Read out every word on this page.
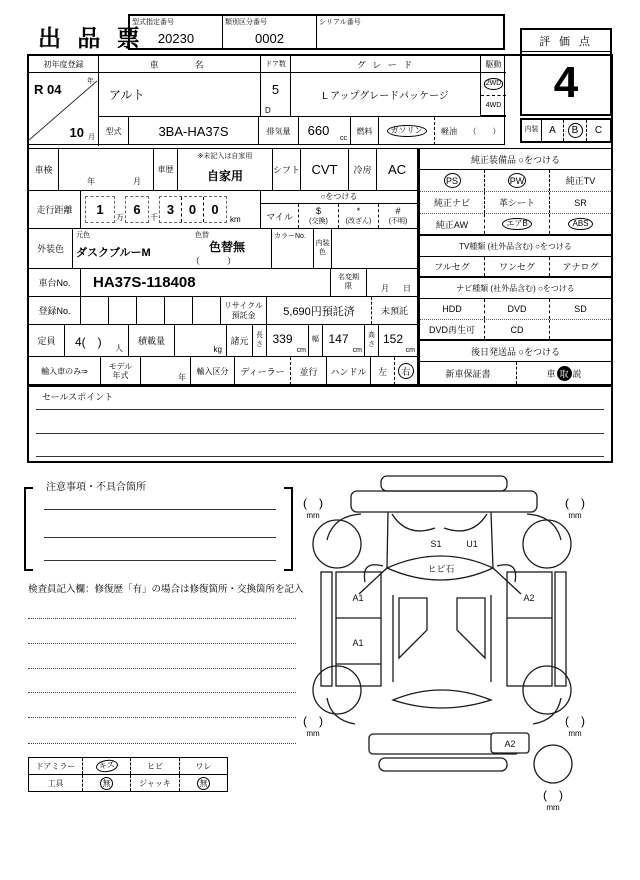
出 品 票
型式指定番号
20230
類別区分番号
0002
シリアル番号
評 価 点
4
内装	A	B	C
初年度登録
R 04
年
10 月
車　　名
アルト
ドア数
5
D
グ レ ー ド
L アップグレードパッケージ
駆動
2WD
4WD
型式	3BA-HA37S	排気量	660
cc
燃料	ガソリン	軽油	（　　）
車検
年	月
車歴
※未記入は自家用
自家用	シフト CVT	冷房	AC
走行距離	1
万
6
千
3	0	0
km
○をつける
マイル
$
(交換)
*
(改ざん)
#
(不明)
外装色
元色
ダスクブルーM
色替
色替無
（　　　）
カラーNo.
内装色
車台No.	HA37S-118408	名変期限	月 日
登録No.
リサイクル預託金	5,690円預託済	未預託
定員	4(　) 人
積載量
kg
諸元
長さ 339
cm
幅 147
cm
高さ 152
cm
輸入車のみ⇒
モデル年式	年
輸入区分	ディーラー	並行	ハンドル	左	右
純正装備品 ○をつける
PS	PW	純正TV
純正ナビ	革シート	SR
純正AW	エアB	ABS
TV種類 (社外品含む) ○をつける
フルセグ	ワンセグ	アナログ
ナビ種類 (社外品含む) ○をつける
HDD	DVD	SD
DVD再生可	CD
後日発送品 ○をつける
新車保証書	車 取 説
セールスポイント
注意事項・不具合箇所
検査員記入欄：修復歴「有」の場合は修復箇所・交換箇所を記入
ドアミラー	キズ	ヒビ	ワレ
工具	無	ジャッキ	無
S1	U1
ヒビ石
A1
A1
A2
A2
(　)
mm
(　)
mm
(　)
mm
(　)
mm
(　)
mm
